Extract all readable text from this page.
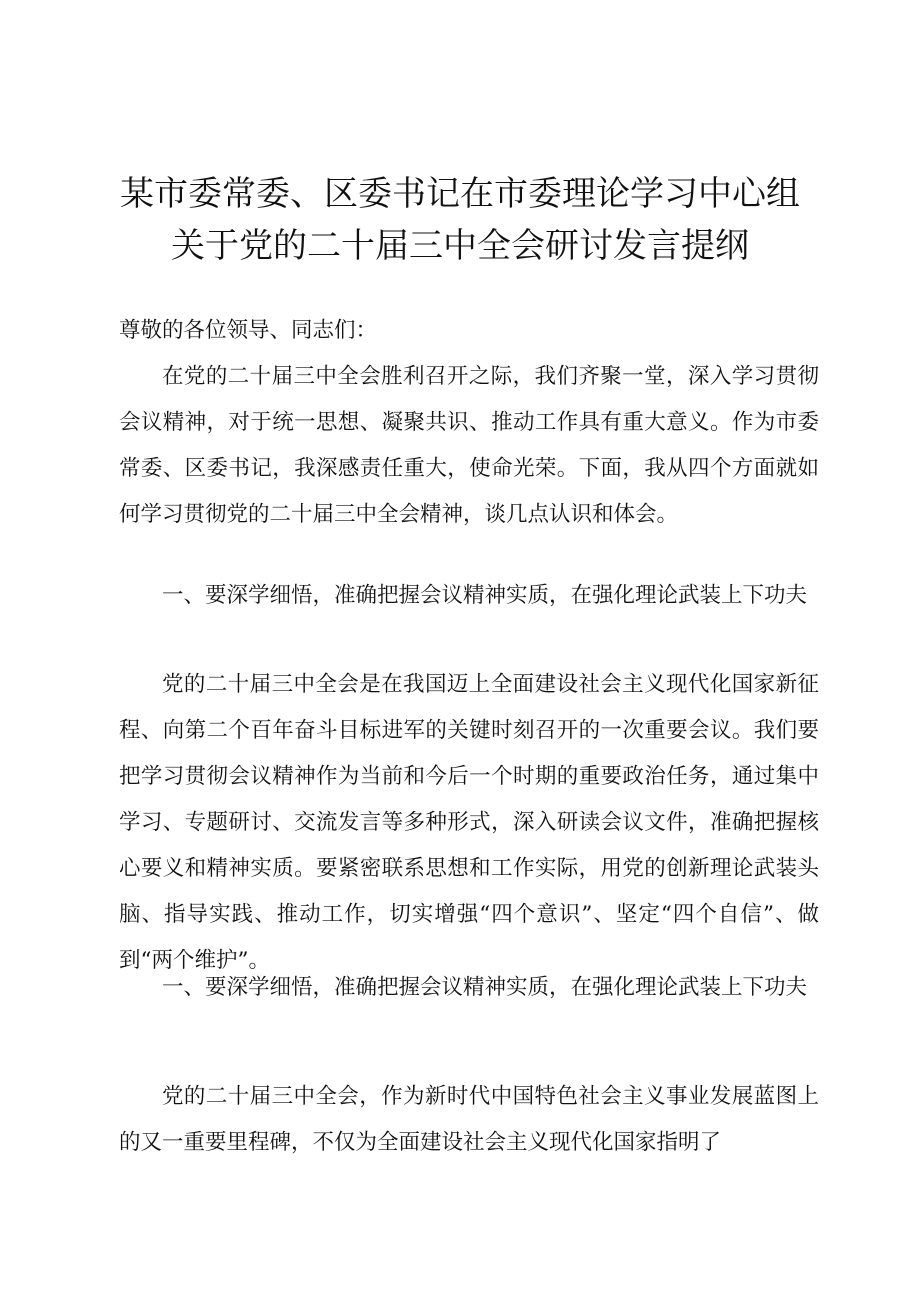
某市委常委、区委书记在市委理论学习中心组
关于党的二十届三中全会研讨发言提纲
尊敬的各位领导、同志们：

在党的二十届三中全会胜利召开之际，我们齐聚一堂，深入学习贯彻会议精神，对于统一思想、凝聚共识、推动工作具有重大意义。作为市委常委、区委书记，我深感责任重大，使命光荣。下面，我从四个方面就如何学习贯彻党的二十届三中全会精神，谈几点认识和体会。

一、要深学细悟，准确把握会议精神实质，在强化理论武装上下功夫

党的二十届三中全会是在我国迈上全面建设社会主义现代化国家新征程、向第二个百年奋斗目标进军的关键时刻召开的一次重要会议。我们要把学习贯彻会议精神作为当前和今后一个时期的重要政治任务，通过集中学习、专题研讨、交流发言等多种形式，深入研读会议文件，准确把握核心要义和精神实质。要紧密联系思想和工作实际，用党的创新理论武装头脑、指导实践、推动工作，切实增强“四个意识”、坚定“四个自信”、做到“两个维护”。

一、要深学细悟，准确把握会议精神实质，在强化理论武装上下功夫

党的二十届三中全会，作为新时代中国特色社会主义事业发展蓝图上的又一重要里程碑，不仅为全面建设社会主义现代化国家指明了
